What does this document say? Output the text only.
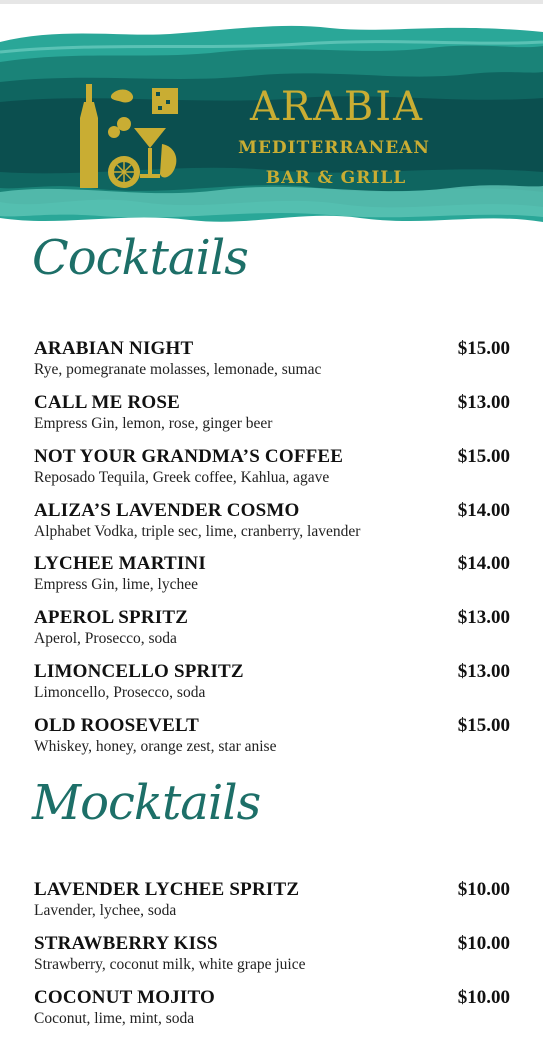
ARABIA
MEDITERRANEAN
BAR & GRILL
Cocktails
ARABIAN NIGHT	$15.00
Rye, pomegranate molasses, lemonade, sumac
CALL ME ROSE	$13.00
Empress Gin, lemon, rose, ginger beer
NOT YOUR GRANDMA’S COFFEE	$15.00
Reposado Tequila, Greek coffee, Kahlua, agave
ALIZA’S LAVENDER COSMO	$14.00
Alphabet Vodka, triple sec, lime, cranberry, lavender
LYCHEE MARTINI	$14.00
Empress Gin, lime, lychee
APEROL SPRITZ	$13.00
Aperol, Prosecco, soda
LIMONCELLO SPRITZ	$13.00
Limoncello, Prosecco, soda
OLD ROOSEVELT	$15.00
Whiskey, honey, orange zest, star anise
Mocktails
LAVENDER LYCHEE SPRITZ	$10.00
Lavender, lychee, soda
STRAWBERRY KISS	$10.00
Strawberry, coconut milk, white grape juice
COCONUT MOJITO	$10.00
Coconut, lime, mint, soda
